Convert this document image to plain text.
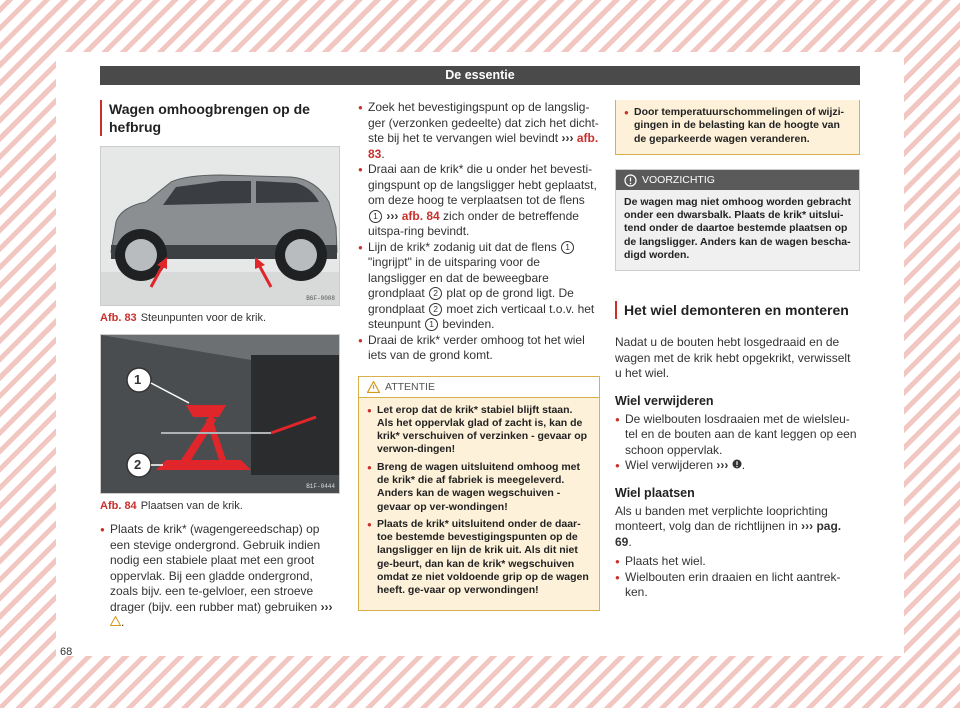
De essentie
Wagen omhoogbrengen op de hefbrug
B6F-0008
Afb. 83 Steunpunten voor de krik.
1
2
B1F-0444
Afb. 84 Plaatsen van de krik.

● Plaats de krik* (wagengereedschap) op een stevige ondergrond. Gebruik indien nodig een stabiele plaat met een groot oppervlak. Bij een gladde ondergrond, zoals bijv. een te-gelvloer, een stroeve drager (bijv. een rubber mat) gebruiken ››› .

● Zoek het bevestigingspunt op de langslig-ger (verzonken gedeelte) dat zich het dicht-ste bij het te vervangen wiel bevindt ››› afb. 83.

● Draai aan de krik* die u onder het bevesti-gingspunt op de langsligger hebt geplaatst, om deze hoog te verplaatsen tot de flens 1 ››› afb. 84 zich onder de betreffende uitspa-ring bevindt.

● Lijn de krik* zodanig uit dat de flens 1 "ingrijpt" in de uitsparing voor de langsligger en dat de beweegbare grondplaat 2 plat op de grond ligt. De grondplaat 2 moet zich verticaal t.o.v. het steunpunt 1 bevinden.

● Draai de krik* verder omhoog tot het wiel iets van de grond komt.

ATTENTIE

● Let erop dat de krik* stabiel blijft staan. Als het oppervlak glad of zacht is, kan de krik* verschuiven of verzinken - gevaar op verwon-dingen!

● Breng de wagen uitsluitend omhoog met de krik* die af fabriek is meegeleverd. Anders kan de wagen wegschuiven - gevaar op ver-wondingen!

● Plaats de krik* uitsluitend onder de daar-toe bestemde bevestigingspunten op de langsligger en lijn de krik uit. Als dit niet ge-beurt, dan kan de krik* wegschuiven omdat ze niet voldoende grip op de wagen heeft. ge-vaar op verwondingen!

● Door temperatuurschommelingen of wijzi-gingen in de belasting kan de hoogte van de geparkeerde wagen veranderen.

VOORZICHTIG

De wagen mag niet omhoog worden gebracht onder een dwarsbalk. Plaats de krik* uitslui-tend onder de daartoe bestemde plaatsen op de langsligger. Anders kan de wagen bescha-digd worden.

Het wiel demonteren en monteren

Nadat u de bouten hebt losgedraaid en de wagen met de krik hebt opgekrikt, verwisselt u het wiel.

Wiel verwijderen

● De wielbouten losdraaien met de wielsleu-tel en de bouten aan de kant leggen op een schoon oppervlak.

● Wiel verwijderen ››› .

Wiel plaatsen

Als u banden met verplichte looprichting monteert, volg dan de richtlijnen in ››› pag. 69.

● Plaats het wiel.

● Wielbouten erin draaien en licht aantrek-ken.

68
